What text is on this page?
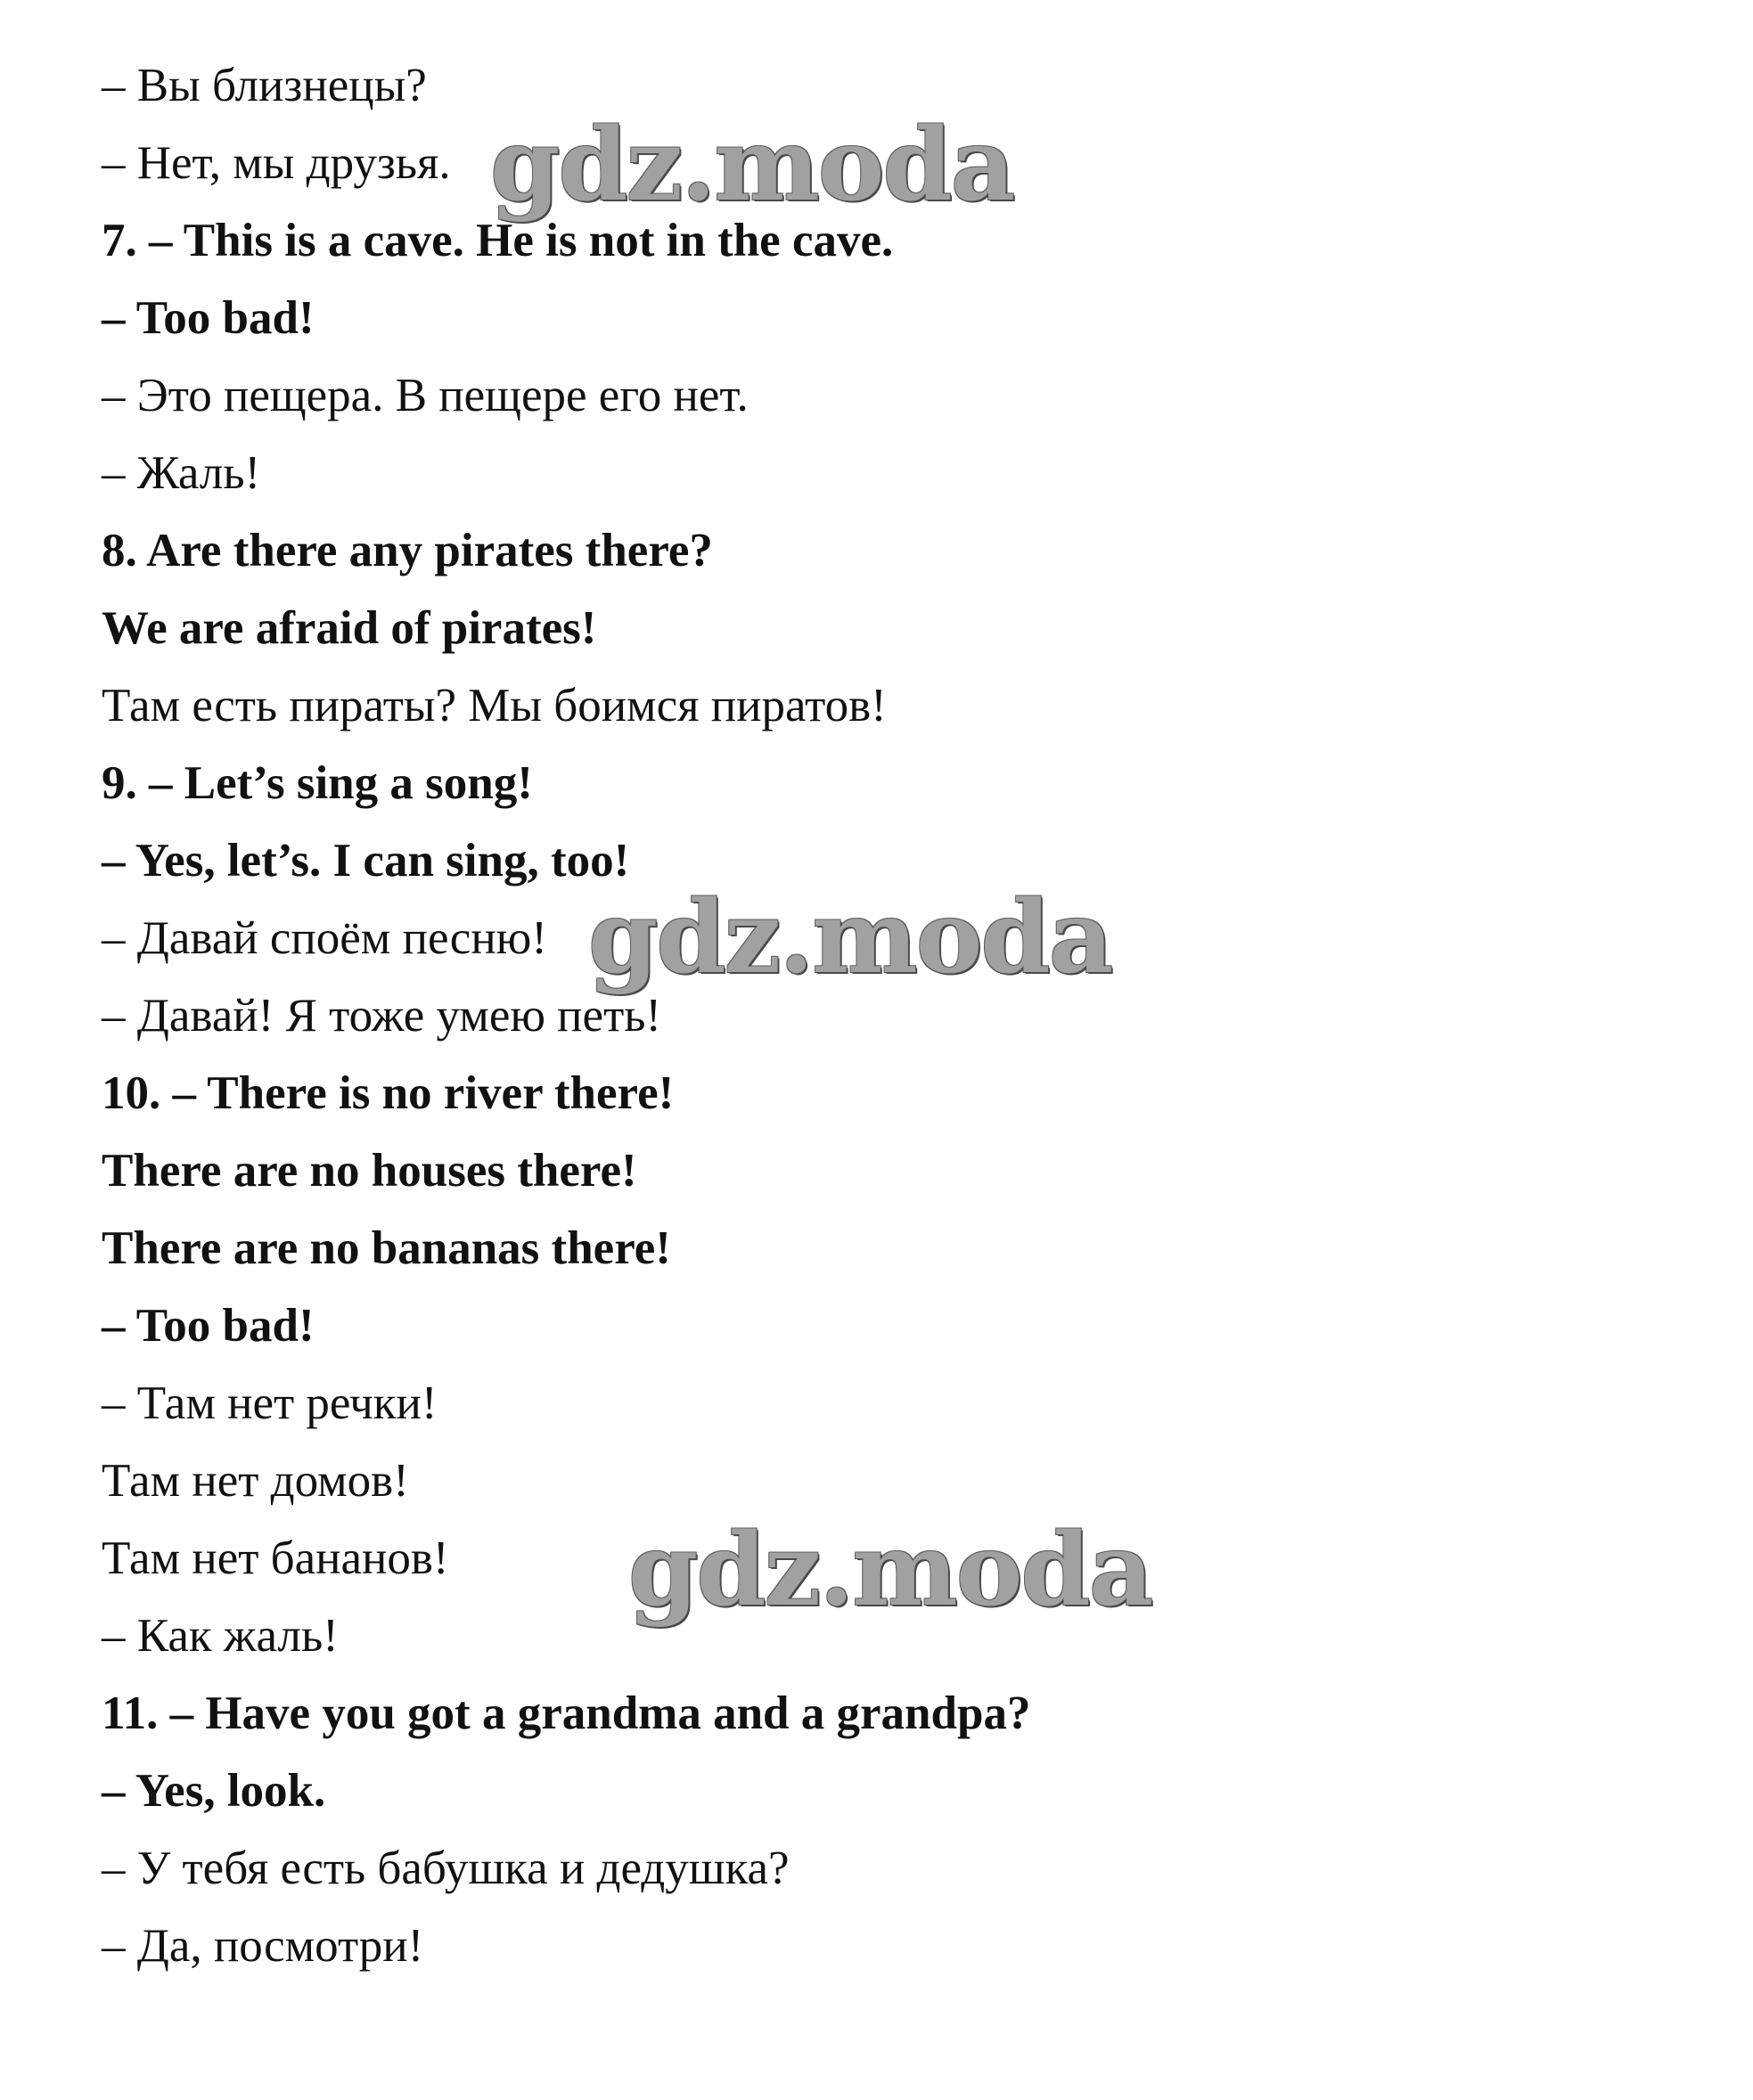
– Вы близнецы?
– Нет, мы друзья.
7. – This is a cave. He is not in the cave.
– Too bad!
– Это пещера. В пещере его нет.
– Жаль!
8. Are there any pirates there?
We are afraid of pirates!
Там есть пираты? Мы боимся пиратов!
9. – Let’s sing a song!
– Yes, let’s. I can sing, too!
– Давай споём песню!
– Давай! Я тоже умею петь!
10. – There is no river there!
There are no houses there!
There are no bananas there!
– Too bad!
– Там нет речки!
Там нет домов!
Там нет бананов!
– Как жаль!
11. – Have you got a grandma and a grandpa?
– Yes, look.
– У тебя есть бабушка и дедушка?
– Да, посмотри!
gdz.moda
gdz.moda
gdz.moda
